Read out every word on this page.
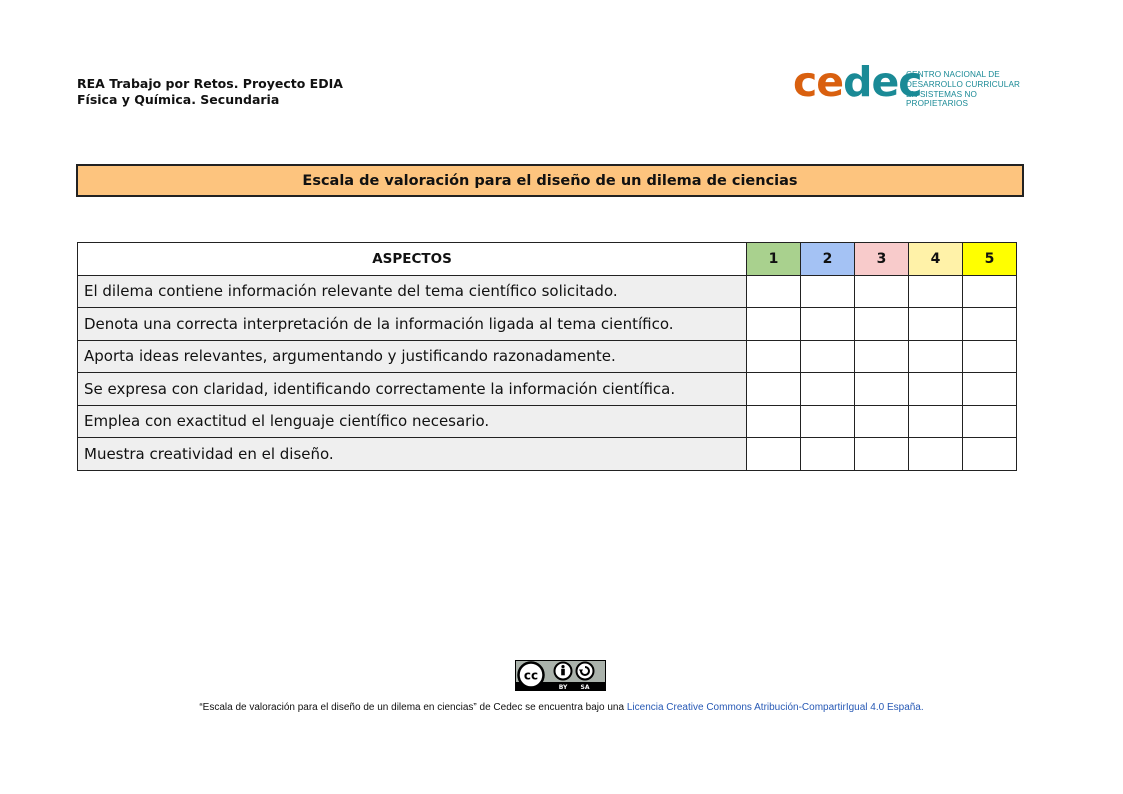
REA Trabajo por Retos. Proyecto EDIA
Física y Química. Secundaria	cedec
CENTRO NACIONAL DE
DESARROLLO CURRICULAR
EN SISTEMAS NO PROPIETARIOS
Escala de valoración para el diseño de un dilema de ciencias
ASPECTOS	1	2	3	4	5
El dilema contiene información relevante del tema científico solicitado.					
Denota una correcta interpretación de la información ligada al tema científico.					
Aporta ideas relevantes, argumentando y justificando razonadamente.					
Se expresa con claridad, identificando correctamente la información científica.					
Emplea con exactitud el lenguaje científico necesario.					
Muestra creatividad en el diseño.					
cc
BY SA
“Escala de valoración para el diseño de un dilema en ciencias” de Cedec se encuentra bajo una Licencia Creative Commons Atribución-CompartirIgual 4.0 España.
